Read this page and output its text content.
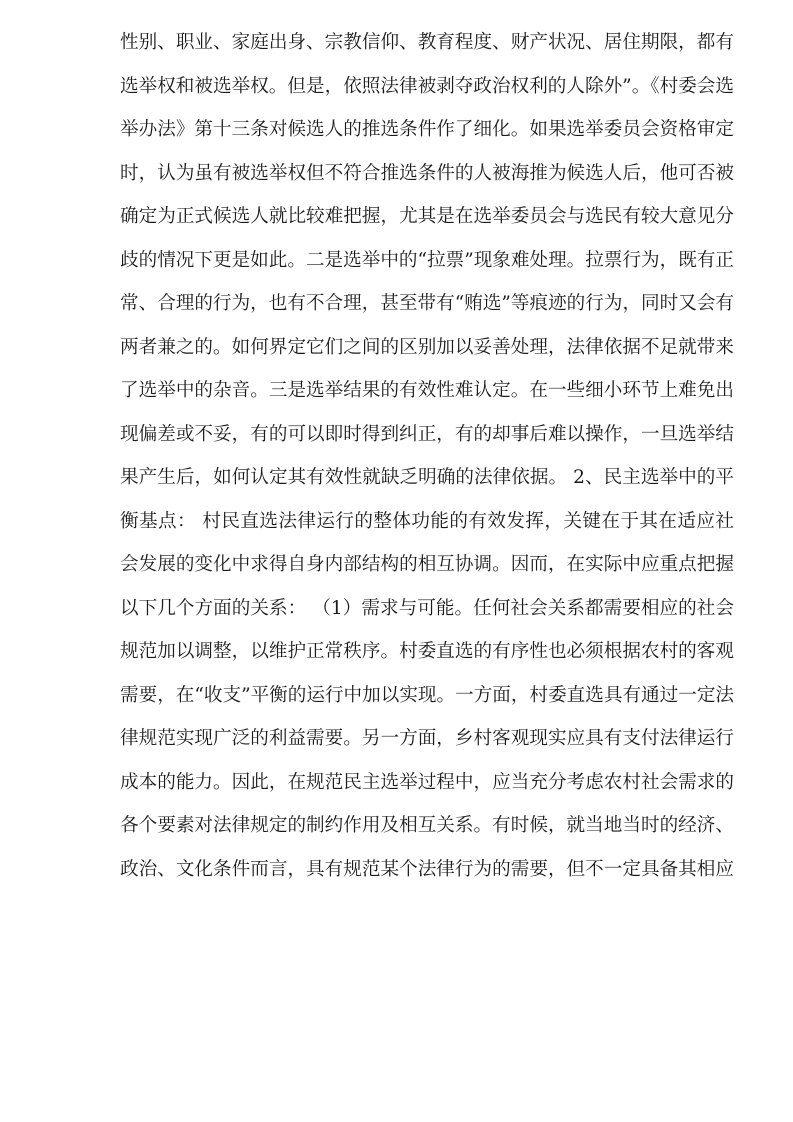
性别、职业、家庭出身、宗教信仰、教育程度、财产状况、居住期限，都有
选举权和被选举权。但是，依照法律被剥夺政治权利的人除外”。《村委会选
举办法》第十三条对候选人的推选条件作了细化。如果选举委员会资格审定
时，认为虽有被选举权但不符合推选条件的人被海推为候选人后，他可否被
确定为正式候选人就比较难把握，尤其是在选举委员会与选民有较大意见分
歧的情况下更是如此。二是选举中的“拉票”现象难处理。拉票行为，既有正
常、合理的行为，也有不合理，甚至带有“贿选”等痕迹的行为，同时又会有
两者兼之的。如何界定它们之间的区别加以妥善处理，法律依据不足就带来
了选举中的杂音。三是选举结果的有效性难认定。在一些细小环节上难免出
现偏差或不妥，有的可以即时得到纠正，有的却事后难以操作，一旦选举结
果产生后，如何认定其有效性就缺乏明确的法律依据。 2、民主选举中的平
衡基点： 村民直选法律运行的整体功能的有效发挥，关键在于其在适应社
会发展的变化中求得自身内部结构的相互协调。因而，在实际中应重点把握
以下几个方面的关系： （1）需求与可能。任何社会关系都需要相应的社会
规范加以调整，以维护正常秩序。村委直选的有序性也必须根据农村的客观
需要，在“收支”平衡的运行中加以实现。一方面，村委直选具有通过一定法
律规范实现广泛的利益需要。另一方面，乡村客观现实应具有支付法律运行
成本的能力。因此，在规范民主选举过程中，应当充分考虑农村社会需求的
各个要素对法律规定的制约作用及相互关系。有时候，就当地当时的经济、
政治、文化条件而言，具有规范某个法律行为的需要，但不一定具备其相应
